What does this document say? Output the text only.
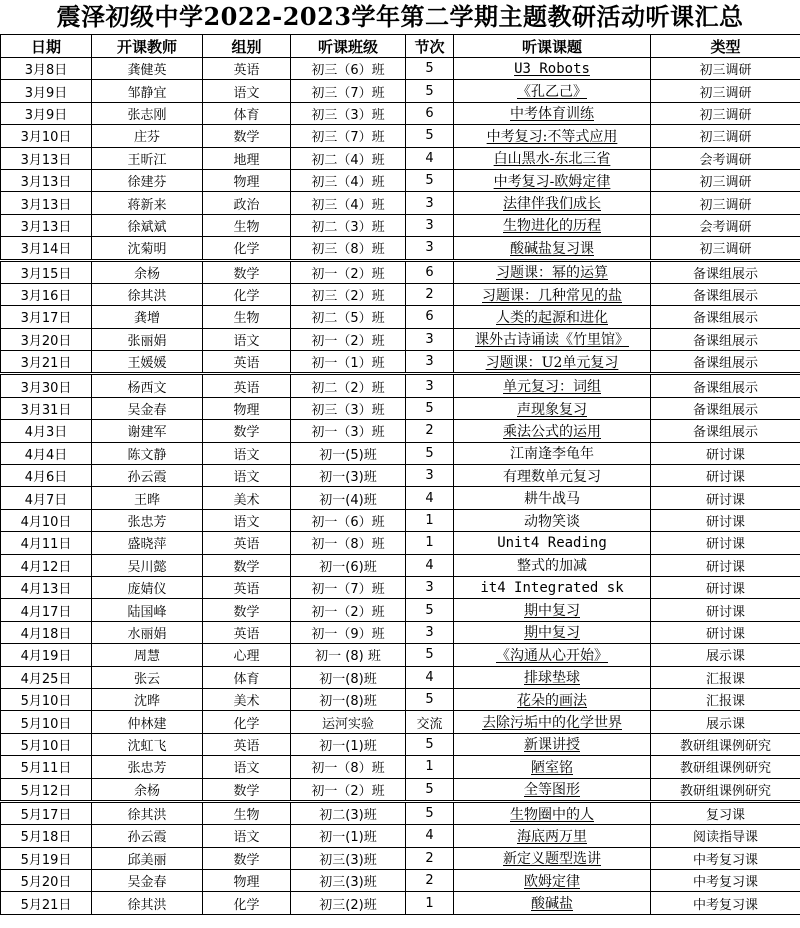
震泽初级中学2022-2023学年第二学期主题教研活动听课汇总
日期	开课教师	组别	听课班级	节次	听课课题	类型
3月8日	龚健英	英语	初三（6）班	5	U3 Robots	初三调研
3月9日	邹静宜	语文	初三（7）班	5	《孔乙己》	初三调研
3月9日	张志刚	体育	初三（3）班	6	中考体育训练	初三调研
3月10日	庄芬	数学	初三（7）班	5	中考复习:不等式应用	初三调研
3月13日	王昕江	地理	初二（4）班	4	白山黑水-东北三省	会考调研
3月13日	徐建芬	物理	初三（4）班	5	中考复习-欧姆定律	初三调研
3月13日	蒋新来	政治	初三（4）班	3	法律伴我们成长	初三调研
3月13日	徐斌斌	生物	初二（3）班	3	生物进化的历程	会考调研
3月14日	沈菊明	化学	初三（8）班	3	酸碱盐复习课	初三调研
3月15日	余杨	数学	初一（2）班	6	习题课：幂的运算	备课组展示
3月16日	徐其洪	化学	初三（2）班	2	习题课：几种常见的盐	备课组展示
3月17日	龚增	生物	初二（5）班	6	人类的起源和进化	备课组展示
3月20日	张丽娟	语文	初一（2）班	3	课外古诗诵读《竹里馆》	备课组展示
3月21日	王媛媛	英语	初一（1）班	3	习题课：U2单元复习	备课组展示
3月30日	杨西文	英语	初二（2）班	3	单元复习：词组	备课组展示
3月31日	吴金春	物理	初三（3）班	5	声现象复习	备课组展示
4月3日	谢建军	数学	初一（3）班	2	乘法公式的运用	备课组展示
4月4日	陈文静	语文	初一(5)班	5	江南逢李龟年	研讨课
4月6日	孙云霞	语文	初一(3)班	3	有理数单元复习	研讨课
4月7日	王晔	美术	初一(4)班	4	耕牛战马	研讨课
4月10日	张忠芳	语文	初一（6）班	1	动物笑谈	研讨课
4月11日	盛晓萍	英语	初一（8）班	1	Unit4 Reading	研讨课
4月12日	吴川懿	数学	初一(6)班	4	整式的加减	研讨课
4月13日	庞婧仪	英语	初一（7）班	3	it4 Integrated sk	研讨课
4月17日	陆国峰	数学	初一（2）班	5	期中复习	研讨课
4月18日	水丽娟	英语	初一（9）班	3	期中复习	研讨课
4月19日	周慧	心理	初一 (8) 班	5	《沟通从心开始》	展示课
4月25日	张云	体育	初一(8)班	4	排球垫球	汇报课
5月10日	沈晔	美术	初一(8)班	5	花朵的画法	汇报课
5月10日	仲林建	化学	运河实验	交流	去除污垢中的化学世界	展示课
5月10日	沈虹飞	英语	初一(1)班	5	新课讲授	教研组课例研究
5月11日	张忠芳	语文	初一（8）班	1	陋室铭	教研组课例研究
5月12日	余杨	数学	初一（2）班	5	全等图形	教研组课例研究
5月17日	徐其洪	生物	初二(3)班	5	生物圈中的人	复习课
5月18日	孙云霞	语文	初一(1)班	4	海底两万里	阅读指导课
5月19日	邱美丽	数学	初三(3)班	2	新定义题型选讲	中考复习课
5月20日	吴金春	物理	初三(3)班	2	欧姆定律	中考复习课
5月21日	徐其洪	化学	初三(2)班	1	酸碱盐	中考复习课
